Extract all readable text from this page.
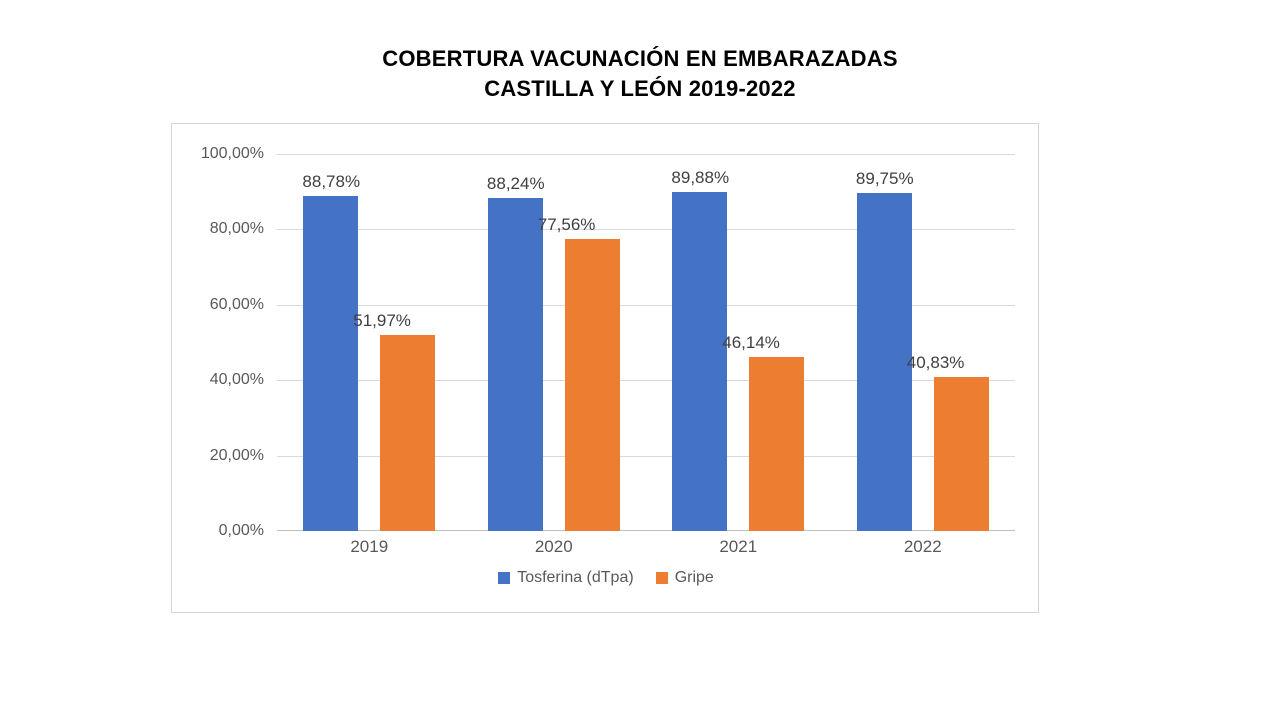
COBERTURA VACUNACIÓN EN EMBARAZADAS
CASTILLA Y LEÓN 2019-2022
100,00%
80,00%
60,00%
40,00%
20,00%
0,00%
88,78%
51,97%
88,24%
77,56%
89,88%
46,14%
89,75%
40,83%
2019	2020	2021	2022
Tosferina (dTpa)	Gripe
